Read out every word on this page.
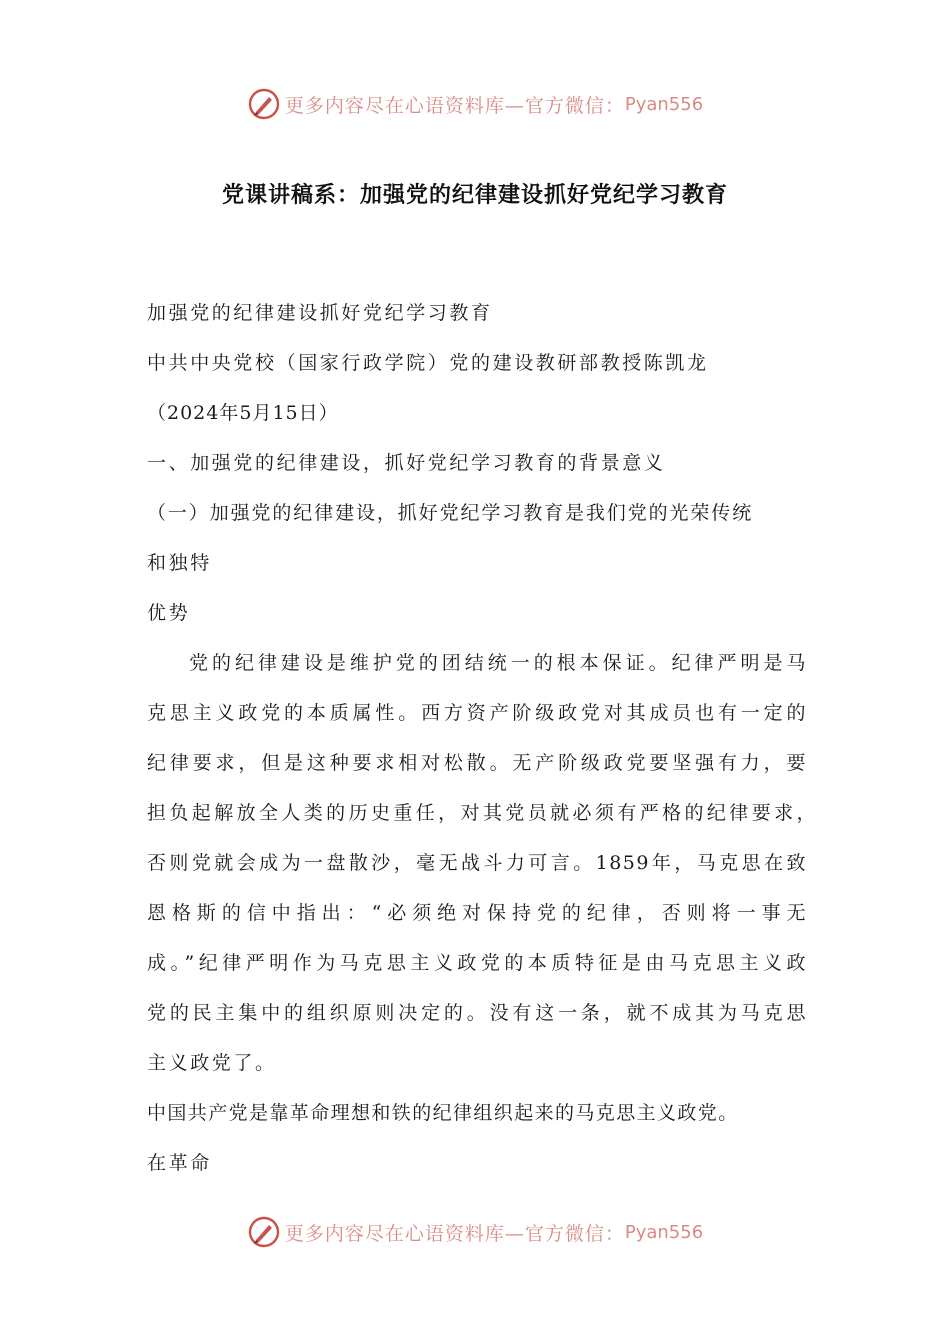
更多内容尽在心语资料库—官方微信： Pyan556
党课讲稿系：加强党的纪律建设抓好党纪学习教育

加强党的纪律建设抓好党纪学习教育

中共中央党校（国家行政学院）党的建设教研部教授陈凯龙

（2024年5月15日）

一、加强党的纪律建设，抓好党纪学习教育的背景意义

（一）加强党的纪律建设，抓好党纪学习教育是我们党的光荣传统

和独特

优势

党的纪律建设是维护党的团结统一的根本保证。纪律严明是马

克思主义政党的本质属性。西方资产阶级政党对其成员也有一定的

纪律要求，但是这种要求相对松散。无产阶级政党要坚强有力，要

担负起解放全人类的历史重任，对其党员就必须有严格的纪律要求，

否则党就会成为一盘散沙，毫无战斗力可言。1859年，马克思在致

恩格斯的信中指出：“必须绝对保持党的纪律，否则将一事无

成。”纪律严明作为马克思主义政党的本质特征是由马克思主义政

党的民主集中的组织原则决定的。没有这一条，就不成其为马克思

主义政党了。

中国共产党是靠革命理想和铁的纪律组织起来的马克思主义政党。

在革命

更多内容尽在心语资料库—官方微信： Pyan556
